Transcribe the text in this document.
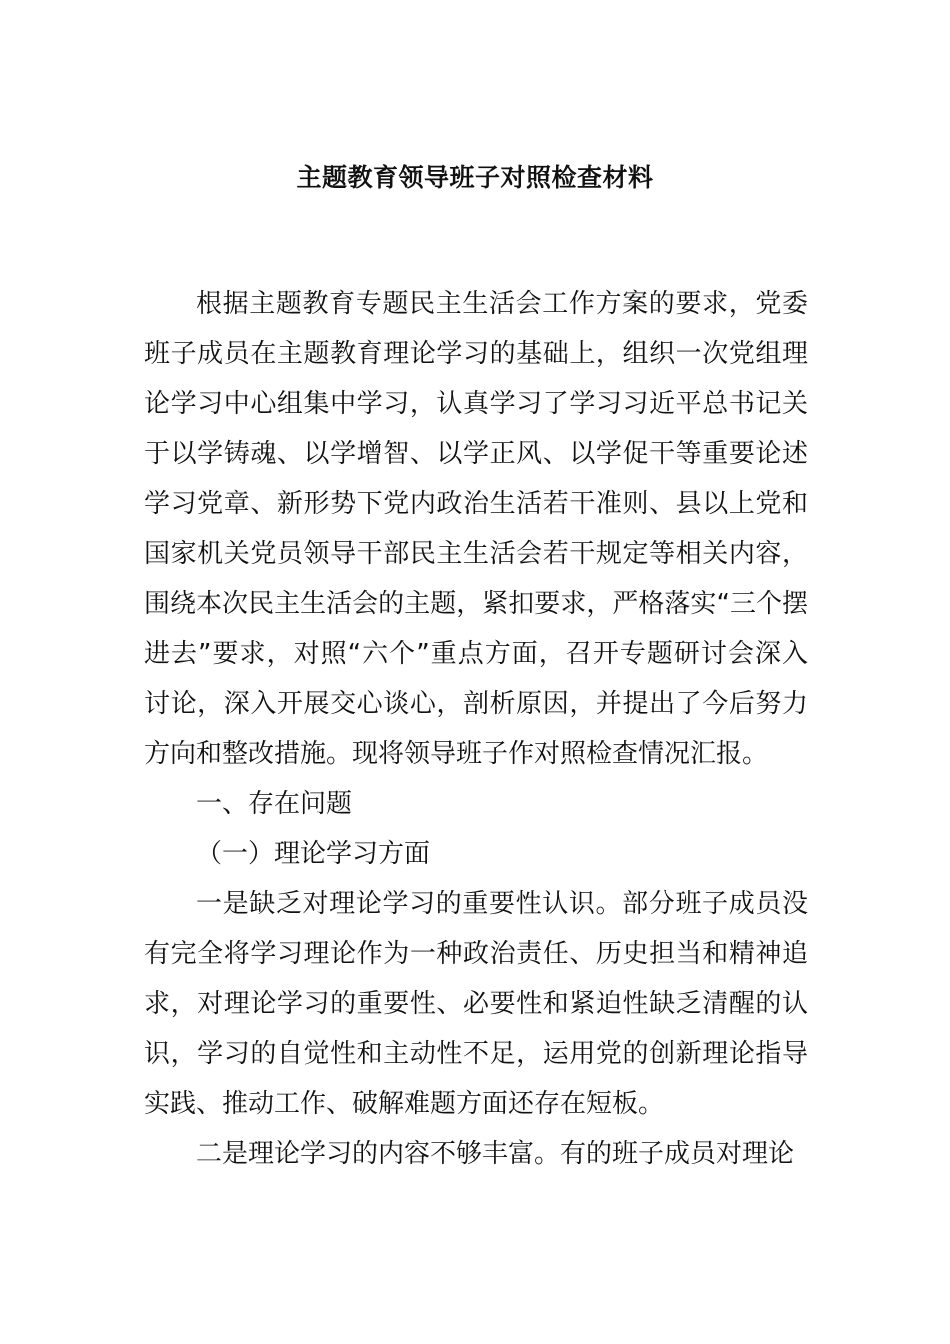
主题教育领导班子对照检查材料

根据主题教育专题民主生活会工作方案的要求，党委班子成员在主题教育理论学习的基础上，组织一次党组理论学习中心组集中学习，认真学习了学习习近平总书记关于以学铸魂、以学增智、以学正风、以学促干等重要论述学习党章、新形势下党内政治生活若干准则、县以上党和国家机关党员领导干部民主生活会若干规定等相关内容，围绕本次民主生活会的主题，紧扣要求，严格落实“三个摆进去”要求，对照“六个”重点方面，召开专题研讨会深入讨论，深入开展交心谈心，剖析原因，并提出了今后努力方向和整改措施。现将领导班子作对照检查情况汇报。

一、存在问题

（一）理论学习方面

一是缺乏对理论学习的重要性认识。部分班子成员没有完全将学习理论作为一种政治责任、历史担当和精神追求，对理论学习的重要性、必要性和紧迫性缺乏清醒的认识，学习的自觉性和主动性不足，运用党的创新理论指导实践、推动工作、破解难题方面还存在短板。

二是理论学习的内容不够丰富。有的班子成员对理论
